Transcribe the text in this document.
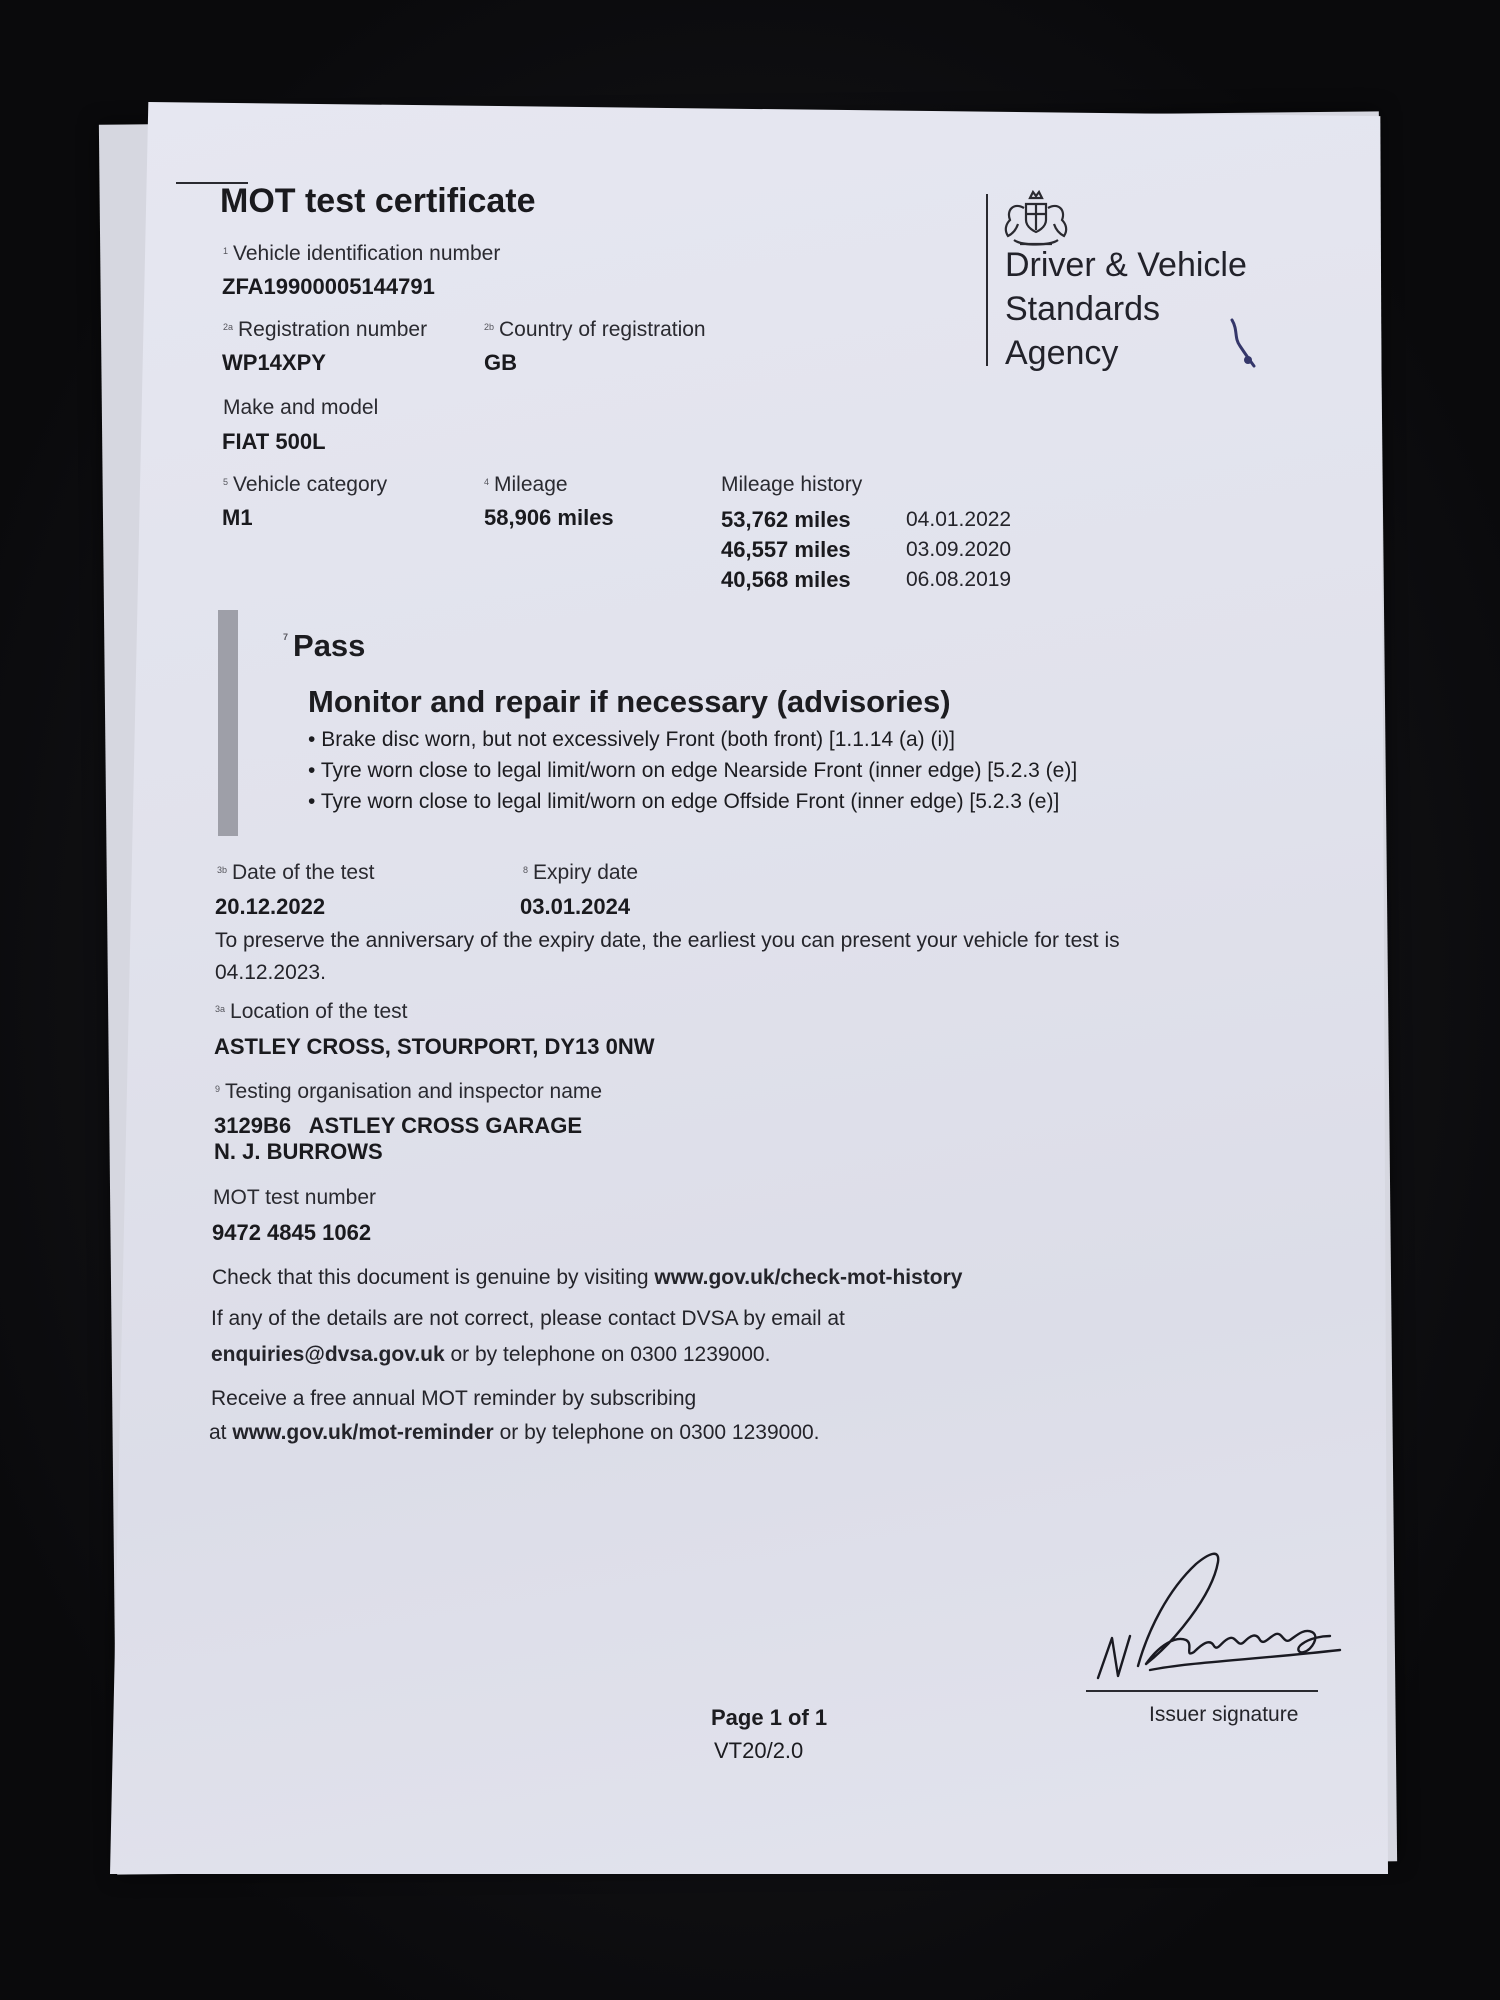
MOT test certificate
$^1$ Vehicle identification number
ZFA19900005144791
$^{2a}$ Registration number
WP14XPY
$^{2b}$ Country of registration
GB
Make and model
FIAT 500L
$^5$ Vehicle category
M1
$^4$ Mileage
58,906 miles
Mileage history
53,762 miles	04.01.2022
46,557 miles	03.09.2020
40,568 miles	06.08.2019
Driver & Vehicle
Standards
Agency
$^7$ Pass
Monitor and repair if necessary (advisories)
• Brake disc worn, but not excessively Front (both front) [1.1.14 (a) (i)]
• Tyre worn close to legal limit/worn on edge Nearside Front (inner edge) [5.2.3 (e)]
• Tyre worn close to legal limit/worn on edge Offside Front (inner edge) [5.2.3 (e)]
$^{3b}$ Date of the test
20.12.2022
$^8$ Expiry date
03.01.2024
To preserve the anniversary of the expiry date, the earliest you can present your vehicle for test is
04.12.2023.
$^{3a}$ Location of the test
ASTLEY CROSS, STOURPORT, DY13 0NW
$^9$ Testing organisation and inspector name
3129B6   ASTLEY CROSS GARAGE
N. J. BURROWS
MOT test number
9472 4845 1062
Check that this document is genuine by visiting www.gov.uk/check-mot-history
If any of the details are not correct, please contact DVSA by email at
enquiries@dvsa.gov.uk or by telephone on 0300 1239000.
Receive a free annual MOT reminder by subscribing
at www.gov.uk/mot-reminder or by telephone on 0300 1239000.
Issuer signature
Page 1 of 1
VT20/2.0
